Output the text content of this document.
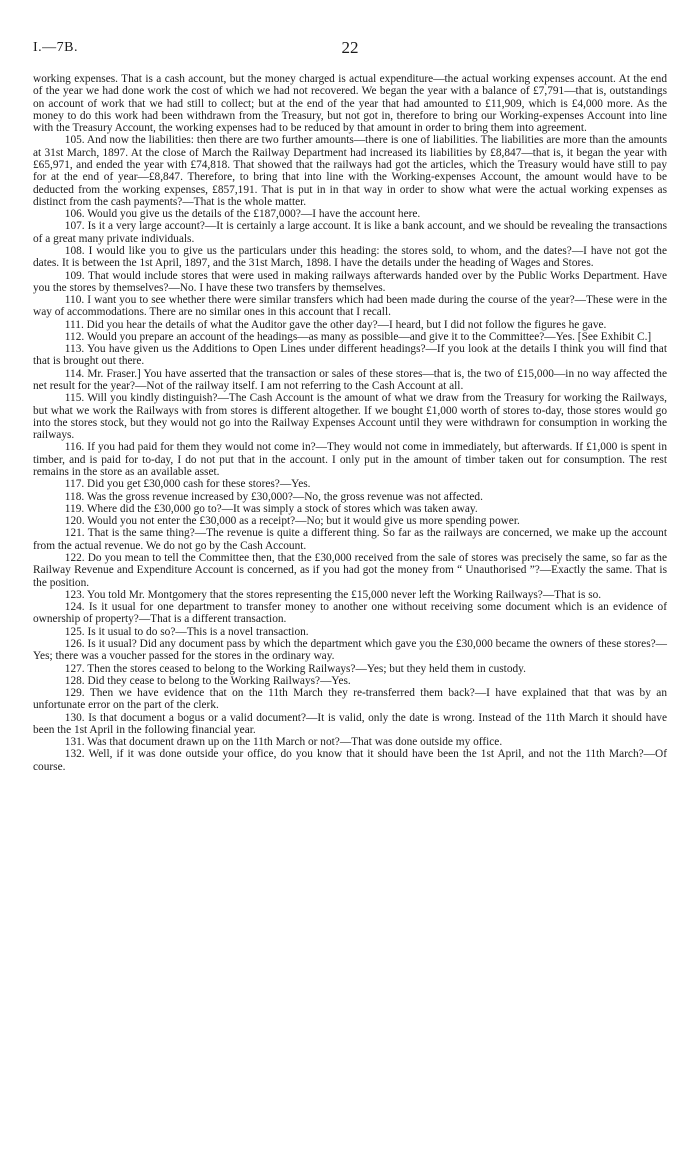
I.—7B.	22

working expenses. That is a cash account, but the money charged is actual expenditure—the actual working expenses account. At the end of the year we had done work the cost of which we had not recovered. We began the year with a balance of £7,791—that is, outstandings on account of work that we had still to collect; but at the end of the year that had amounted to £11,909, which is £4,000 more. As the money to do this work had been withdrawn from the Treasury, but not got in, therefore to bring our Working-expenses Account into line with the Treasury Account, the working expenses had to be reduced by that amount in order to bring them into agreement.

105. And now the liabilities: then there are two further amounts—there is one of liabilities. The liabilities are more than the amounts at 31st March, 1897. At the close of March the Railway Department had increased its liabilities by £8,847—that is, it began the year with £65,971, and ended the year with £74,818. That showed that the railways had got the articles, which the Treasury would have still to pay for at the end of year—£8,847. Therefore, to bring that into line with the Working-expenses Account, the amount would have to be deducted from the working expenses, £857,191. That is put in in that way in order to show what were the actual working expenses as distinct from the cash payments?—That is the whole matter.

106. Would you give us the details of the £187,000?—I have the account here.

107. Is it a very large account?—It is certainly a large account. It is like a bank account, and we should be revealing the transactions of a great many private individuals.

108. I would like you to give us the particulars under this heading: the stores sold, to whom, and the dates?—I have not got the dates. It is between the 1st April, 1897, and the 31st March, 1898. I have the details under the heading of Wages and Stores.

109. That would include stores that were used in making railways afterwards handed over by the Public Works Department. Have you the stores by themselves?—No. I have these two transfers by themselves.

110. I want you to see whether there were similar transfers which had been made during the course of the year?—These were in the way of accommodations. There are no similar ones in this account that I recall.

111. Did you hear the details of what the Auditor gave the other day?—I heard, but I did not follow the figures he gave.

112. Would you prepare an account of the headings—as many as possible—and give it to the Committee?—Yes. [See Exhibit C.]

113. You have given us the Additions to Open Lines under different headings?—If you look at the details I think you will find that that is brought out there.

114. Mr. Fraser.] You have asserted that the transaction or sales of these stores—that is, the two of £15,000—in no way affected the net result for the year?—Not of the railway itself. I am not referring to the Cash Account at all.

115. Will you kindly distinguish?—The Cash Account is the amount of what we draw from the Treasury for working the Railways, but what we work the Railways with from stores is different altogether. If we bought £1,000 worth of stores to-day, those stores would go into the stores stock, but they would not go into the Railway Expenses Account until they were withdrawn for consumption in working the railways.

116. If you had paid for them they would not come in?—They would not come in immediately, but afterwards. If £1,000 is spent in timber, and is paid for to-day, I do not put that in the account. I only put in the amount of timber taken out for consumption. The rest remains in the store as an available asset.

117. Did you get £30,000 cash for these stores?—Yes.

118. Was the gross revenue increased by £30,000?—No, the gross revenue was not affected.

119. Where did the £30,000 go to?—It was simply a stock of stores which was taken away.

120. Would you not enter the £30,000 as a receipt?—No; but it would give us more spending power.

121. That is the same thing?—The revenue is quite a different thing. So far as the railways are concerned, we make up the account from the actual revenue. We do not go by the Cash Account.

122. Do you mean to tell the Committee then, that the £30,000 received from the sale of stores was precisely the same, so far as the Railway Revenue and Expenditure Account is concerned, as if you had got the money from “ Unauthorised ”?—Exactly the same. That is the position.

123. You told Mr. Montgomery that the stores representing the £15,000 never left the Working Railways?—That is so.

124. Is it usual for one department to transfer money to another one without receiving some document which is an evidence of ownership of property?—That is a different transaction.

125. Is it usual to do so?—This is a novel transaction.

126. Is it usual? Did any document pass by which the department which gave you the £30,000 became the owners of these stores?—Yes; there was a voucher passed for the stores in the ordinary way.

127. Then the stores ceased to belong to the Working Railways?—Yes; but they held them in custody.

128. Did they cease to belong to the Working Railways?—Yes.

129. Then we have evidence that on the 11th March they re-transferred them back?—I have explained that that was by an unfortunate error on the part of the clerk.

130. Is that document a bogus or a valid document?—It is valid, only the date is wrong. Instead of the 11th March it should have been the 1st April in the following financial year.

131. Was that document drawn up on the 11th March or not?—That was done outside my office.

132. Well, if it was done outside your office, do you know that it should have been the 1st April, and not the 11th March?—Of course.
